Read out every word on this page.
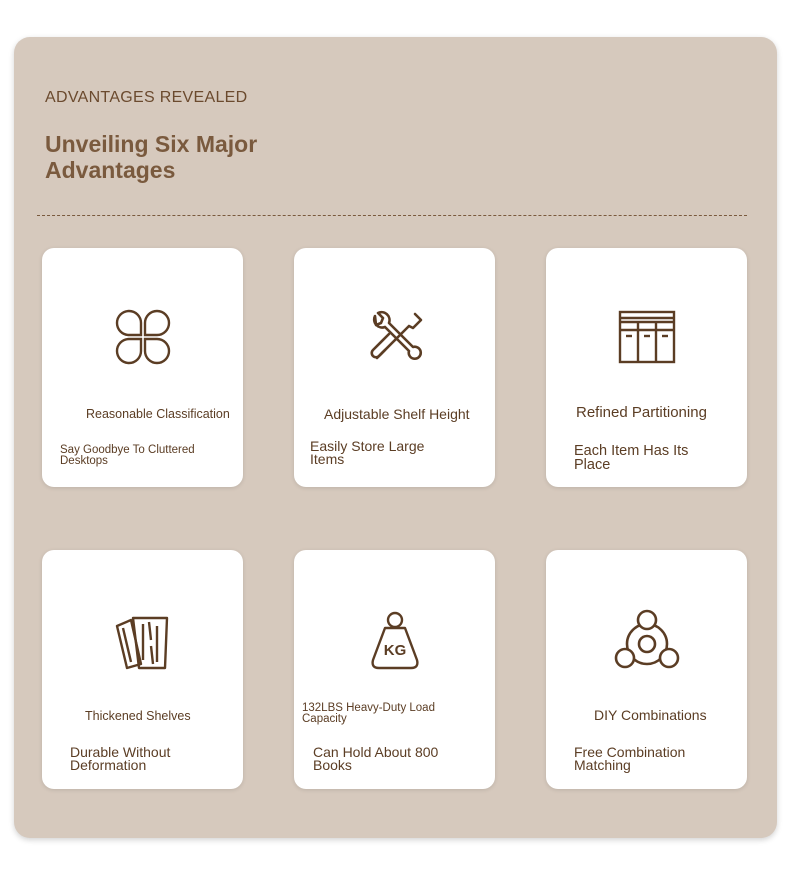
ADVANTAGES REVEALED
Unveiling Six Major
Advantages
Reasonable Classification
Say Goodbye To Cluttered Desktops
Adjustable Shelf Height
Easily Store Large Items
Refined Partitioning
Each Item Has Its Place
Thickened Shelves
Durable Without Deformation
KG
132LBS Heavy-Duty Load Capacity
Can Hold About 800 Books
DIY Combinations
Free Combination Matching
